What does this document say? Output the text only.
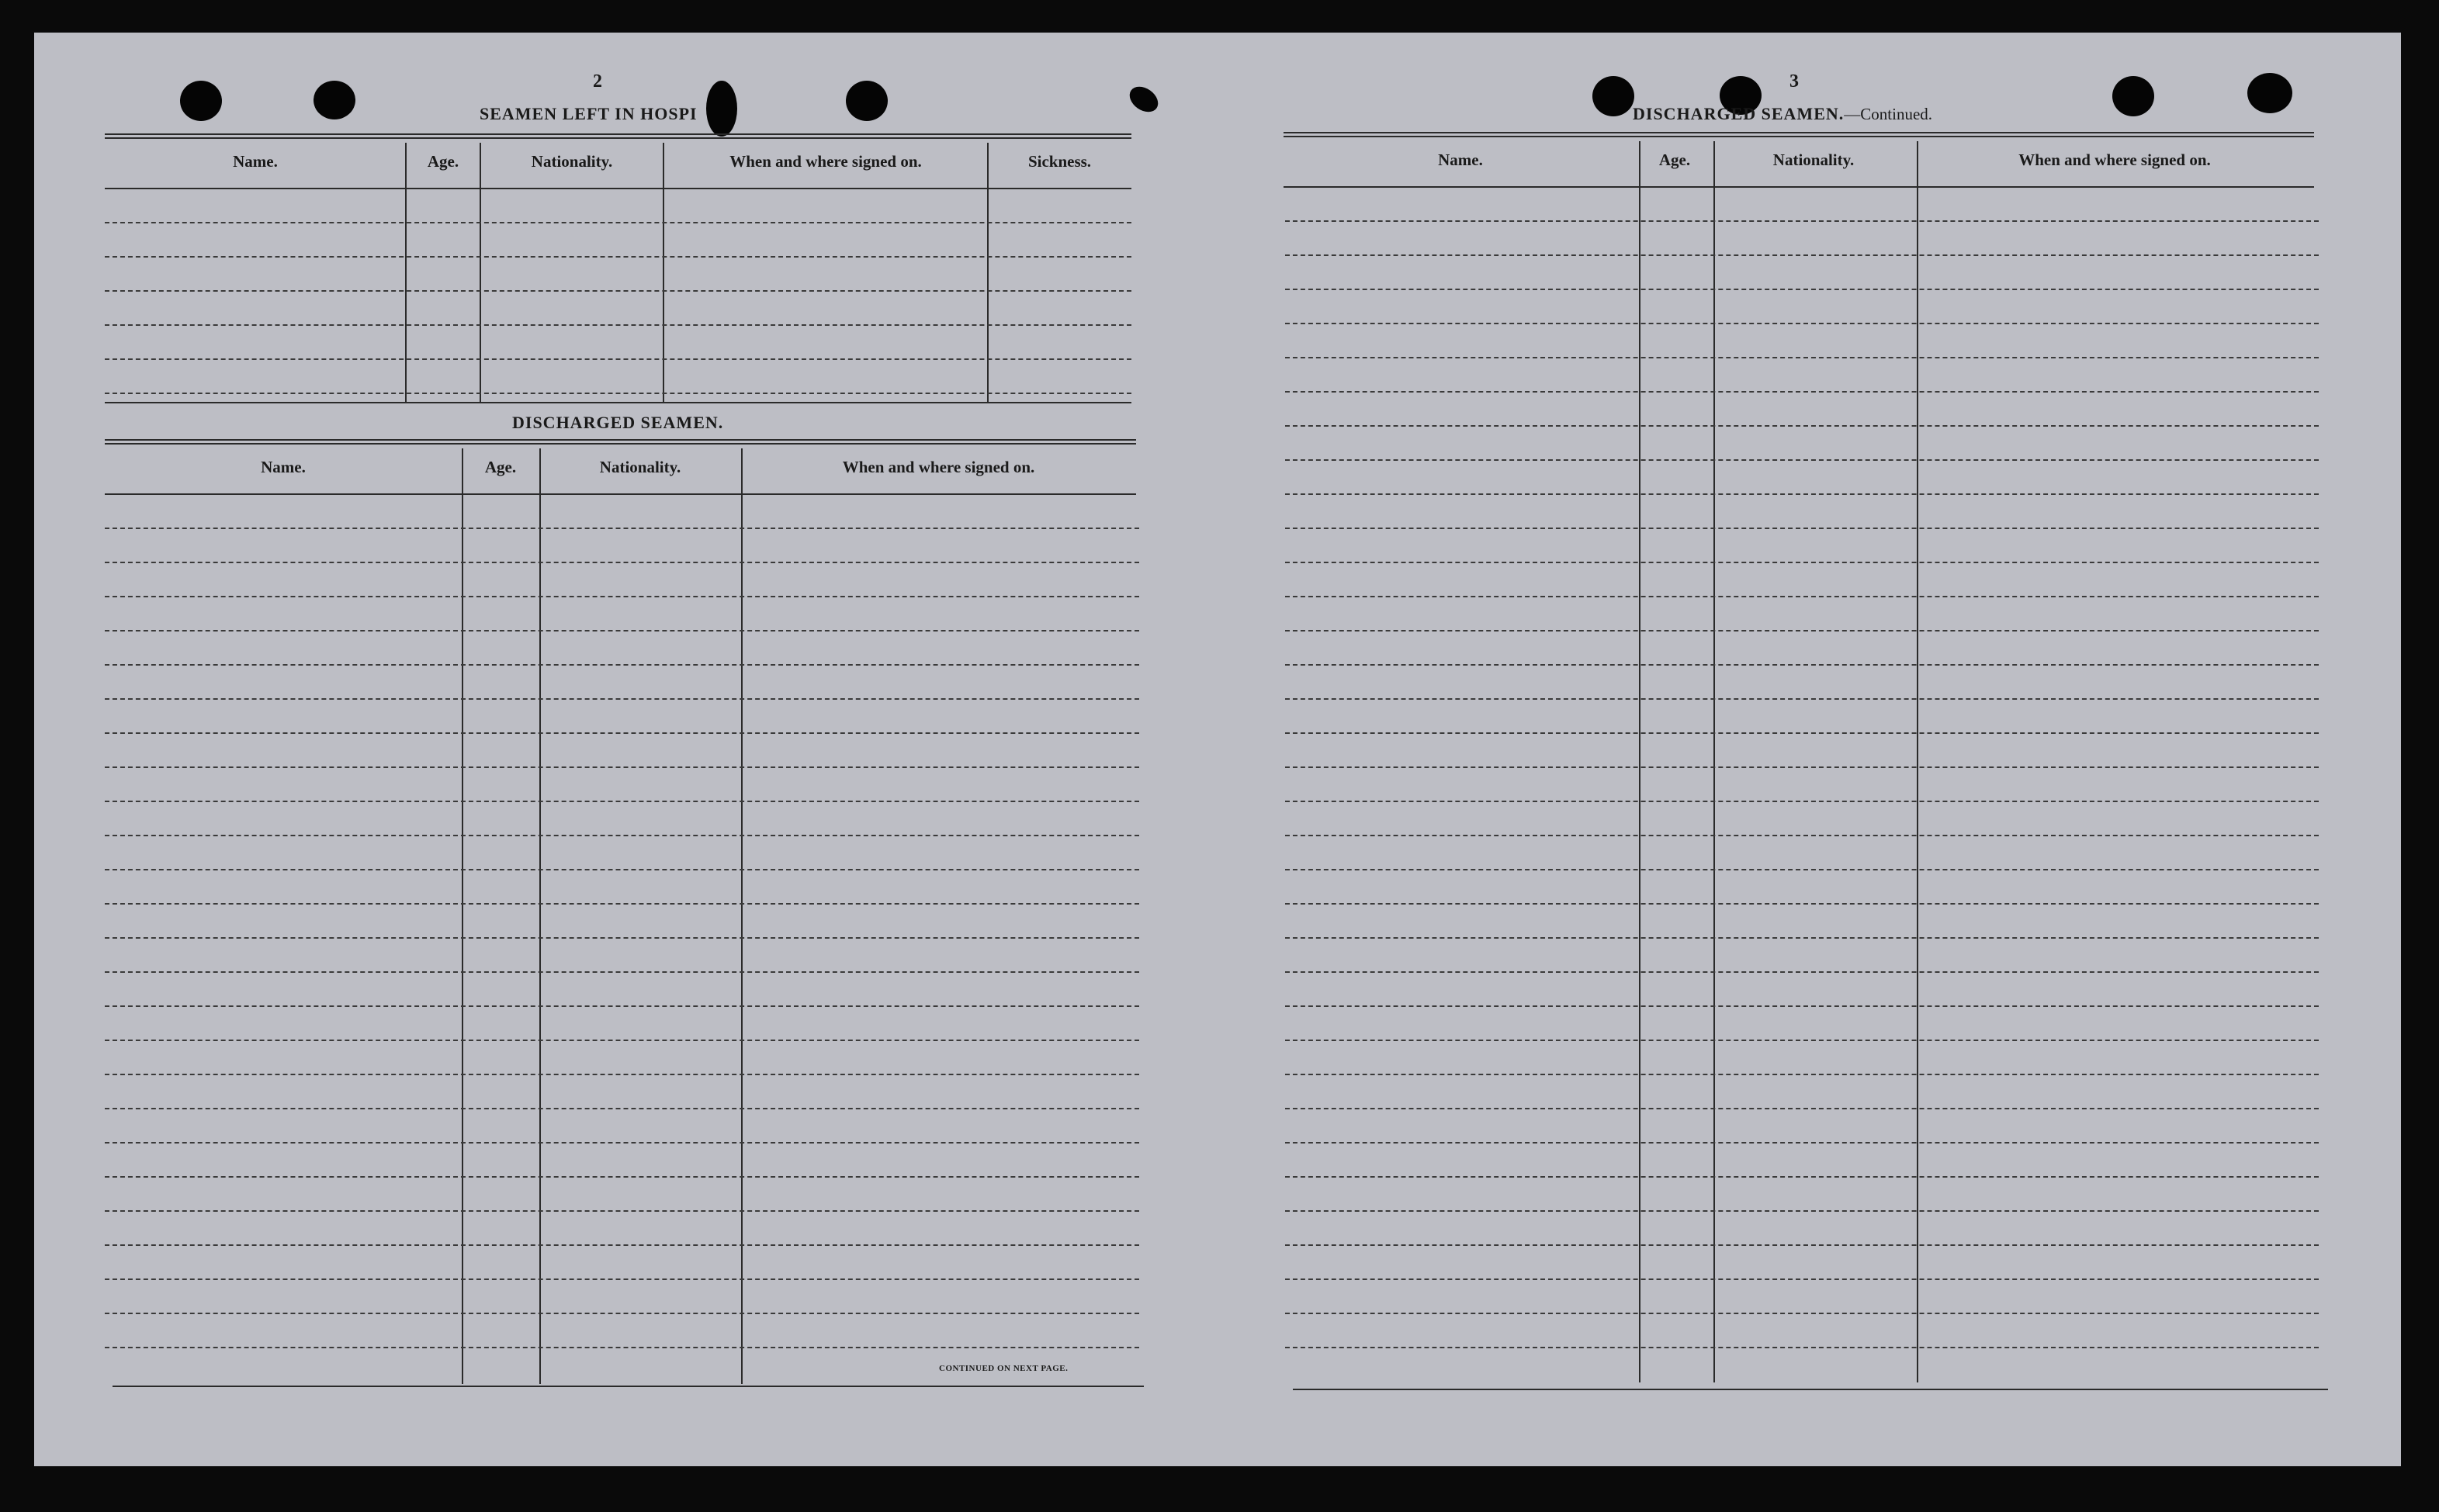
2
SEAMEN LEFT IN HOSPI
Name.	Age.	Nationality.	When and where signed on.	Sickness.
DISCHARGED SEAMEN.
Name.	Age.	Nationality.	When and where signed on.
CONTINUED ON NEXT PAGE.
3
DISCHARGED SEAMEN.—Continued.
Name.	Age.	Nationality.	When and where signed on.
